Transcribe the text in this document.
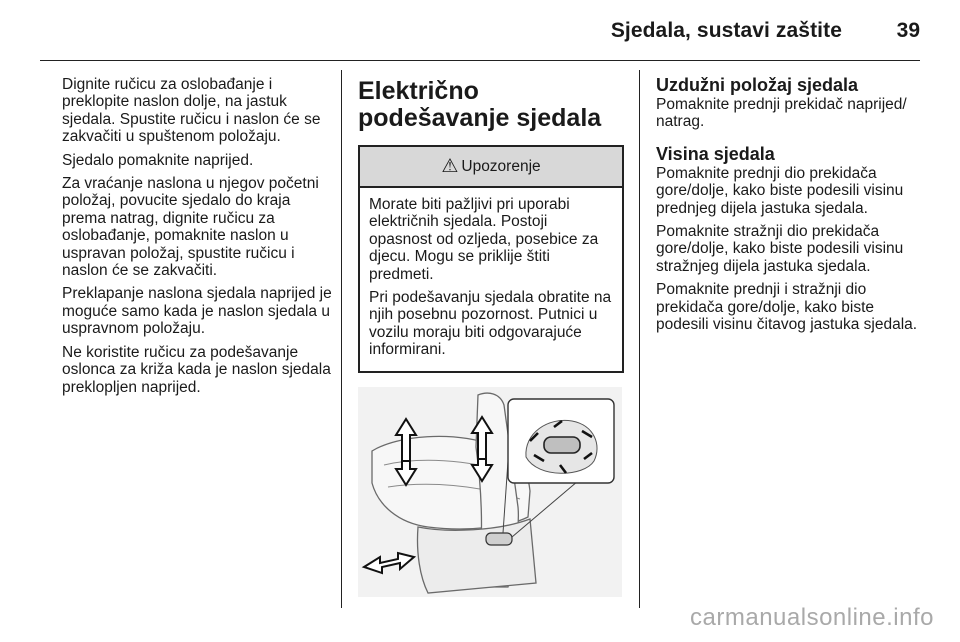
Sjedala, sustavi zaštite	39

Dignite ručicu za oslobađanje i preklopite naslon dolje, na jastuk sjedala. Spustite ručicu i naslon će se zakvačiti u spuštenom položaju.

Sjedalo pomaknite naprijed.

Za vraćanje naslona u njegov početni položaj, povucite sjedalo do kraja prema natrag, dignite ručicu za oslobađanje, pomaknite naslon u uspravan položaj, spustite ručicu i naslon će se zakvačiti.

Preklapanje naslona sjedala naprijed je moguće samo kada je naslon sjedala u uspravnom položaju.

Ne koristite ručicu za podešavanje oslonca za križa kada je naslon sjedala preklopljen naprijed.

Električno podešavanje sjedala
⚠ Upozorenje

Morate biti pažljivi pri uporabi električnih sjedala. Postoji opasnost od ozljeda, posebice za djecu. Mogu se priklije štiti predmeti.

Pri podešavanju sjedala obratite na njih posebnu pozornost. Putnici u vozilu moraju biti odgovarajuće informirani.

Uzdužni položaj sjedala

Pomaknite prednji prekidač naprijed/ natrag.

Visina sjedala

Pomaknite prednji dio prekidača gore/dolje, kako biste podesili visinu prednjeg dijela jastuka sjedala.

Pomaknite stražnji dio prekidača gore/dolje, kako biste podesili visinu stražnjeg dijela jastuka sjedala.

Pomaknite prednji i stražnji dio prekidača gore/dolje, kako biste podesili visinu čitavog jastuka sjedala.

carmanualsonline.info
